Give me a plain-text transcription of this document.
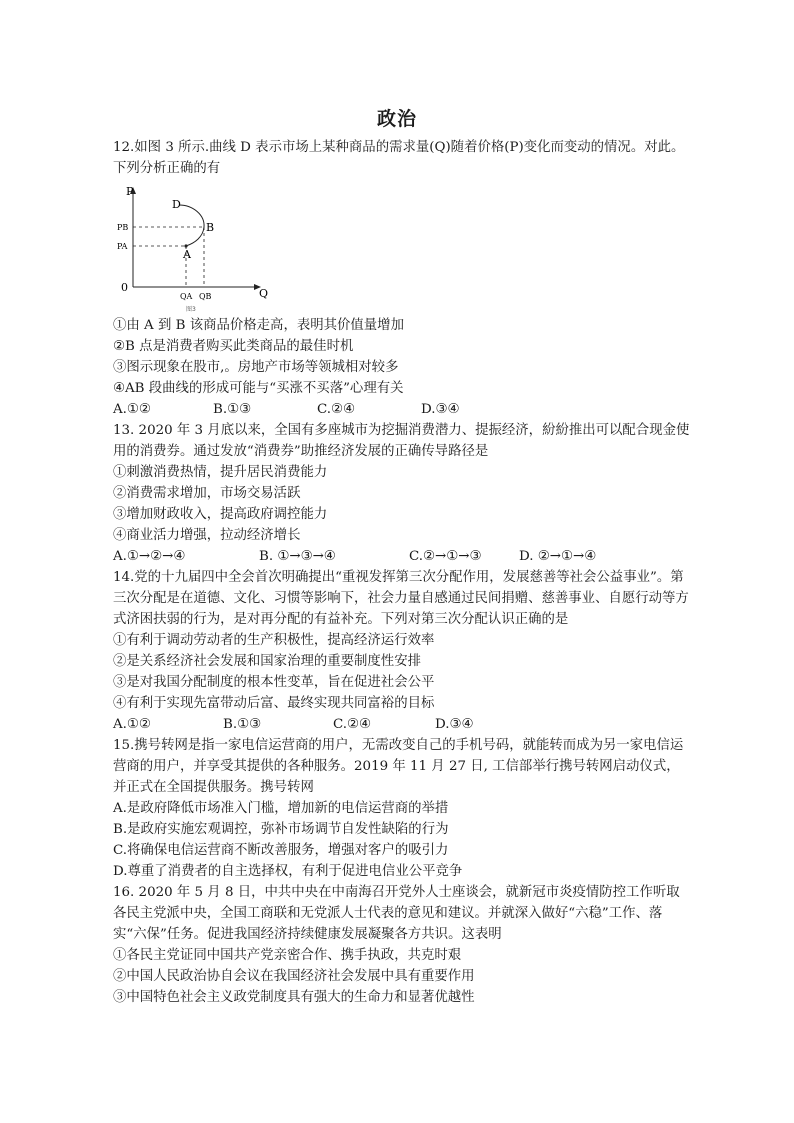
政治
12.如图 3 所示.曲线 D 表示市场上某种商品的需求量(Q)随着价格(P)变化而变动的情况。对此。下列分析正确的有
P
Q
0
D
B
A
PB
PA
QA QB
图3
①由 A 到 B 该商品价格走高，表明其价值量增加
②B 点是消费者购买此类商品的最佳时机
③图示现象在股市,。房地产市场等领城相对较多
④AB 段曲线的形成可能与“买涨不买落”心理有关
A.①②	B.①③	C.②④	D.③④
13. 2020 年 3 月底以来，全国有多座城市为挖掘消费潜力、提振经济，紛紛推出可以配合现金使用的消费券。通过发放“消费券”助推经济发展的正确传导路径是
①刺激消费热情，提升居民消费能力
②消费需求增加，市场交易活跃
③增加财政收入，提高政府调控能力
④商业活力增强，拉动经济增长
A.①→②→④	B. ①→③→④	C.②→①→③	D. ②→①→④
14.党的十九届四中全会首次明确提出“重视发挥第三次分配作用，发展慈善等社会公益事业”。第三次分配是在道德、文化、习惯等影响下，社会力量自感通过民间捐赠、慈善事业、自愿行动等方式济困扶弱的行为，是对再分配的有益补充。下列对第三次分配认识正确的是
①有利于调动劳动者的生产积极性，提高经济运行效率
②是关系经济社会发展和国家治理的重要制度性安排
③是对我国分配制度的根本性变革，旨在促进社会公平
④有利于实现先富带动后富、最终实现共同富裕的目标
A.①②	B.①③	C.②④	D.③④
15.携号转网是指一家电信运营商的用户，无需改变自己的手机号码，就能转而成为另一家电信运营商的用户，并享受其提供的各种服务。2019 年 11 月 27 日, 工信部举行携号转网启动仪式，并正式在全国提供服务。携号转网
A.是政府降低市场准入门槛，增加新的电信运营商的举措
B.是政府实施宏观调控，弥补市场调节自发性缺陷的行为
C.将确保电信运营商不断改善服务，增强对客户的吸引力
D.尊重了消费者的自主选择权，有利于促进电信业公平竞争
16. 2020 年 5 月 8 日，中共中央在中南海召开党外人士座谈会，就新冠市炎疫情防控工作听取各民主党派中央，全国工商联和无党派人士代表的意见和建议。并就深入做好“六稳”工作、落实“六保”任务。促进我国经济持续健康发展凝聚各方共识。这表明
①各民主党证同中国共产党亲密合作、携手执政，共克时艰
②中国人民政治协自会议在我国经济社会发展中具有重要作用
③中国特色社会主义政党制度具有强大的生命力和显著优越性
